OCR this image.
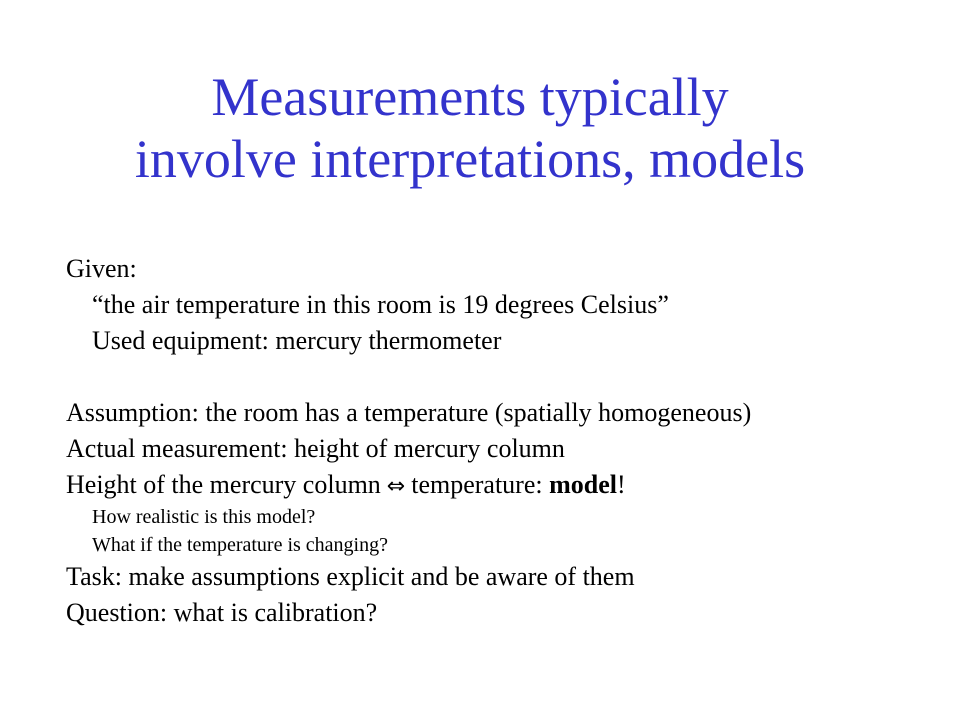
Measurements typically
involve interpretations, models
Given:
“the air temperature in this room is 19 degrees Celsius”
Used equipment: mercury thermometer
Assumption: the room has a temperature (spatially homogeneous)
Actual measurement: height of mercury column
Height of the mercury column ⇔ temperature: model!
How realistic is this model?
What if the temperature is changing?
Task: make assumptions explicit and be aware of them
Question: what is calibration?
